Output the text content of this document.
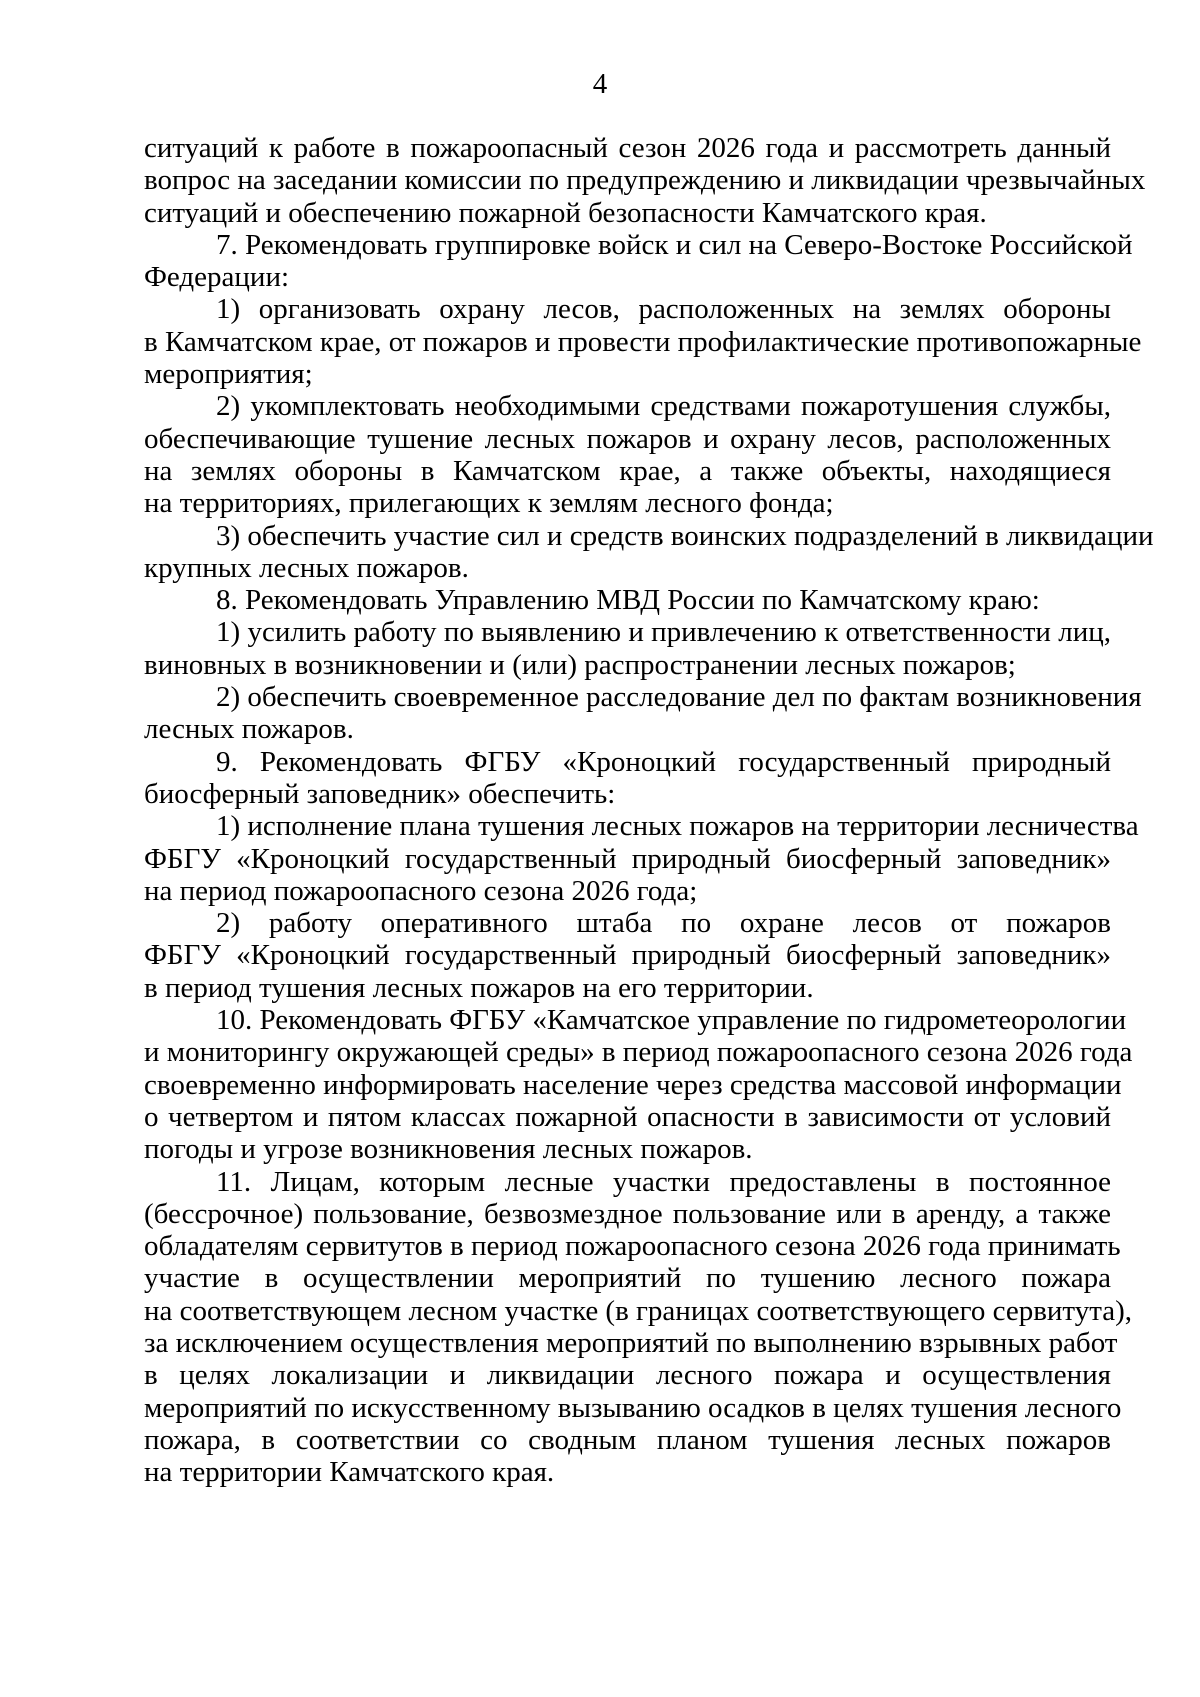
4

ситуаций к работе в пожароопасный сезон 2026 года и рассмотреть данный
вопрос на заседании комиссии по предупреждению и ликвидации чрезвычайных
ситуаций и обеспечению пожарной безопасности Камчатского края.

7. Рекомендовать группировке войск и сил на Северо-Востоке Российской
Федерации:

1) организовать охрану лесов, расположенных на землях обороны
в Камчатском крае, от пожаров и провести профилактические противопожарные
мероприятия;

2) укомплектовать необходимыми средствами пожаротушения службы,
обеспечивающие тушение лесных пожаров и охрану лесов, расположенных
на землях обороны в Камчатском крае, а также объекты, находящиеся
на территориях, прилегающих к землям лесного фонда;

3) обеспечить участие сил и средств воинских подразделений в ликвидации
крупных лесных пожаров.

8. Рекомендовать Управлению МВД России по Камчатскому краю:

1) усилить работу по выявлению и привлечению к ответственности лиц,
виновных в возникновении и (или) распространении лесных пожаров;

2) обеспечить своевременное расследование дел по фактам возникновения
лесных пожаров.

9. Рекомендовать ФГБУ «Кроноцкий государственный природный
биосферный заповедник» обеспечить:

1) исполнение плана тушения лесных пожаров на территории лесничества
ФБГУ «Кроноцкий государственный природный биосферный заповедник»
на период пожароопасного сезона 2026 года;

2) работу оперативного штаба по охране лесов от пожаров
ФБГУ «Кроноцкий государственный природный биосферный заповедник»
в период тушения лесных пожаров на его территории.

10. Рекомендовать ФГБУ «Камчатское управление по гидрометеорологии
и мониторингу окружающей среды» в период пожароопасного сезона 2026 года
своевременно информировать население через средства массовой информации
о четвертом и пятом классах пожарной опасности в зависимости от условий
погоды и угрозе возникновения лесных пожаров.

11. Лицам, которым лесные участки предоставлены в постоянное
(бессрочное) пользование, безвозмездное пользование или в аренду, а также
обладателям сервитутов в период пожароопасного сезона 2026 года принимать
участие в осуществлении мероприятий по тушению лесного пожара
на соответствующем лесном участке (в границах соответствующего сервитута),
за исключением осуществления мероприятий по выполнению взрывных работ
в целях локализации и ликвидации лесного пожара и осуществления
мероприятий по искусственному вызыванию осадков в целях тушения лесного
пожара, в соответствии со сводным планом тушения лесных пожаров
на территории Камчатского края.
